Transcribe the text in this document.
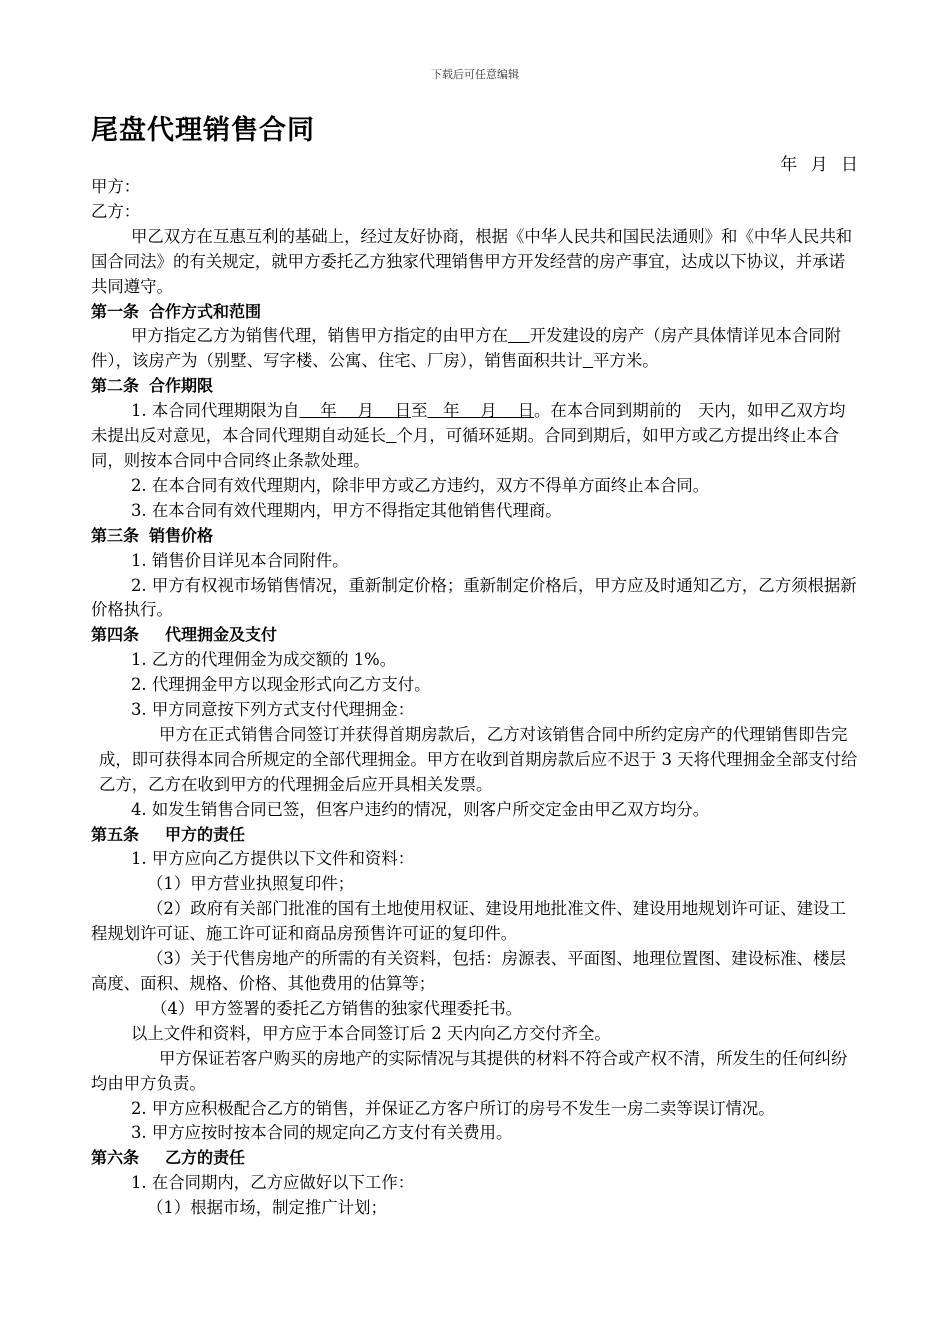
下载后可任意编辑
尾盘代理销售合同
年 月 日

甲方：

乙方：

甲乙双方在互惠互利的基础上，经过友好协商，根据《中华人民共和国民法通则》和《中华人民共和国合同法》的有关规定，就甲方委托乙方独家代理销售甲方开发经营的房产事宜，达成以下协议，并承诺共同遵守。

第一条 合作方式和范围

甲方指定乙方为销售代理，销售甲方指定的由甲方在　 开发建设的房产（房产具体情详见本合同附件），该房产为（别墅、写字楼、公寓、住宅、厂房），销售面积共计 平方米。

第二条 合作期限

1. 本合同代理期限为自 年 月 日至 年 月 日。在本合同到期前的　天内，如甲乙双方均未提出反对意见，本合同代理期自动延长 个月，可循环延期。合同到期后，如甲方或乙方提出终止本合同，则按本合同中合同终止条款处理。

2. 在本合同有效代理期内，除非甲方或乙方违约，双方不得单方面终止本合同。

3. 在本合同有效代理期内，甲方不得指定其他销售代理商。

第三条 销售价格

1. 销售价目详见本合同附件。

2. 甲方有权视市场销售情况，重新制定价格；重新制定价格后，甲方应及时通知乙方，乙方须根据新价格执行。

第四条 代理拥金及支付

1. 乙方的代理佣金为成交额的 1%。

2. 代理拥金甲方以现金形式向乙方支付。

3. 甲方同意按下列方式支付代理拥金：

甲方在正式销售合同签订并获得首期房款后，乙方对该销售合同中所约定房产的代理销售即告完成，即可获得本同合所规定的全部代理拥金。甲方在收到首期房款后应不迟于 3 天将代理拥金全部支付给乙方，乙方在收到甲方的代理拥金后应开具相关发票。

4. 如发生销售合同已签，但客户违约的情况，则客户所交定金由甲乙双方均分。

第五条 甲方的责任

1. 甲方应向乙方提供以下文件和资料：

（1）甲方营业执照复印件；

（2）政府有关部门批准的国有土地使用权证、建设用地批准文件、建设用地规划许可证、建设工程规划许可证、施工许可证和商品房预售许可证的复印件。

（3）关于代售房地产的所需的有关资料，包括：房源表、平面图、地理位置图、建设标准、楼层高度、面积、规格、价格、其他费用的估算等；

（4）甲方签署的委托乙方销售的独家代理委托书。

以上文件和资料，甲方应于本合同签订后 2 天内向乙方交付齐全。

甲方保证若客户购买的房地产的实际情况与其提供的材料不符合或产权不清，所发生的任何纠纷均由甲方负责。

2. 甲方应积极配合乙方的销售，并保证乙方客户所订的房号不发生一房二卖等误订情况。

3. 甲方应按时按本合同的规定向乙方支付有关费用。

第六条 乙方的责任

1. 在合同期内，乙方应做好以下工作：

（1）根据市场，制定推广计划；
